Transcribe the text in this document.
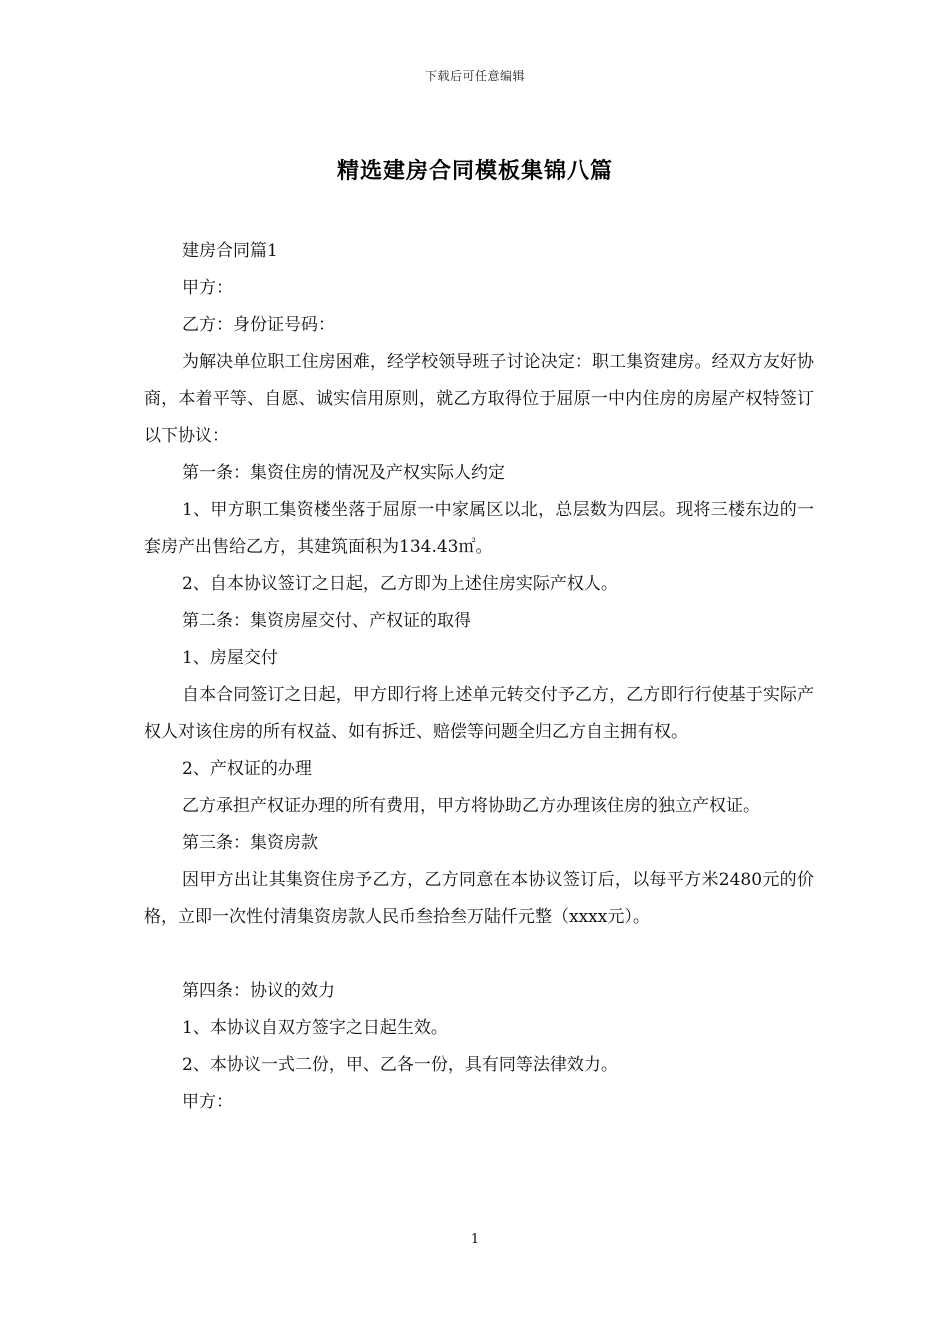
下载后可任意编辑
精选建房合同模板集锦八篇

建房合同篇1

甲方：

乙方：身份证号码：

为解决单位职工住房困难，经学校领导班子讨论决定：职工集资建房。经双方友好协商，本着平等、自愿、诚实信用原则，就乙方取得位于屈原一中内住房的房屋产权特签订以下协议：

第一条：集资住房的情况及产权实际人约定

1、甲方职工集资楼坐落于屈原一中家属区以北，总层数为四层。现将三楼东边的一套房产出售给乙方，其建筑面积为134.43㎡。

2、自本协议签订之日起，乙方即为上述住房实际产权人。

第二条：集资房屋交付、产权证的取得

1、房屋交付

自本合同签订之日起，甲方即行将上述单元转交付予乙方，乙方即行行使基于实际产权人对该住房的所有权益、如有拆迁、赔偿等问题全归乙方自主拥有权。

2、产权证的办理

乙方承担产权证办理的所有费用，甲方将协助乙方办理该住房的独立产权证。

第三条：集资房款

因甲方出让其集资住房予乙方，乙方同意在本协议签订后，以每平方米2480元的价格，立即一次性付清集资房款人民币叁拾叁万陆仟元整（xxxx元）。

第四条：协议的效力

1、本协议自双方签字之日起生效。

2、本协议一式二份，甲、乙各一份，具有同等法律效力。

甲方：

1
